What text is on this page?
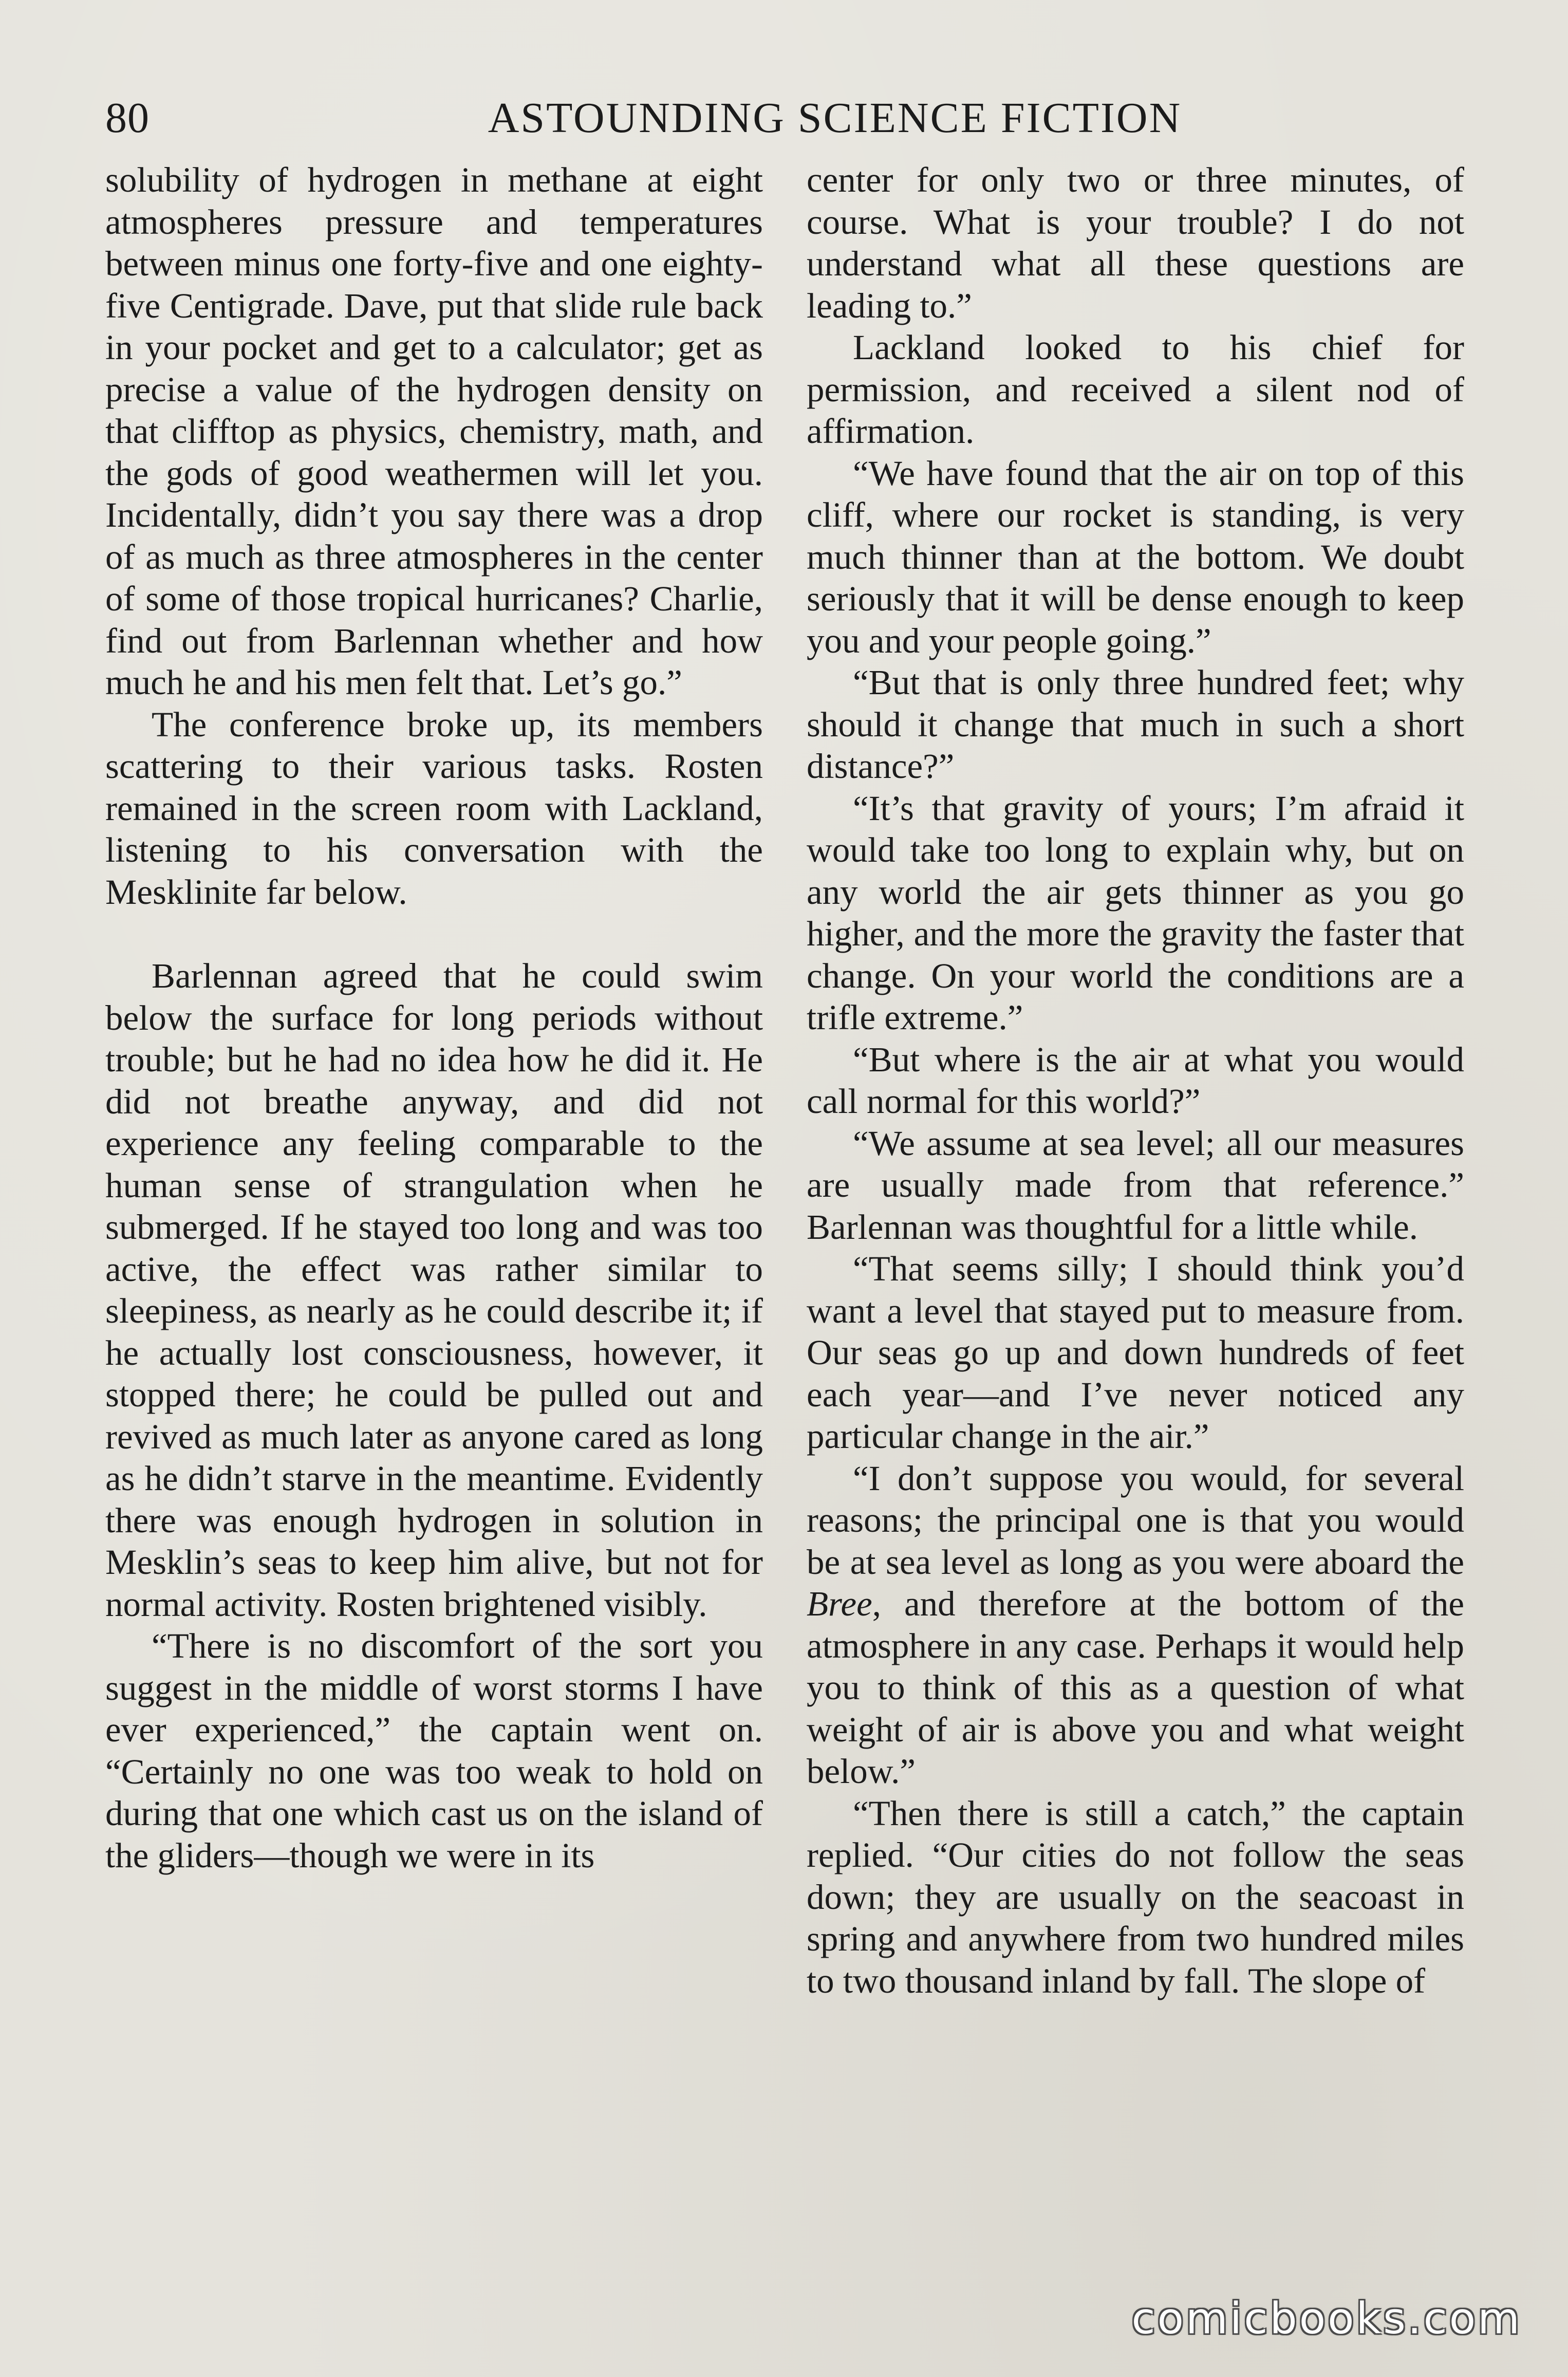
80	ASTOUNDING SCIENCE FICTION

solubility of hydrogen in methane at eight atmospheres pressure and temperatures between minus one forty-five and one eighty-five Centigrade. Dave, put that slide rule back in your pocket and get to a calculator; get as precise a value of the hydrogen density on that clifftop as physics, chemistry, math, and the gods of good weathermen will let you. Incidentally, didn’t you say there was a drop of as much as three atmospheres in the center of some of those tropical hurricanes? Charlie, find out from Barlennan whether and how much he and his men felt that. Let’s go.”

The conference broke up, its members scattering to their various tasks. Rosten remained in the screen room with Lackland, listening to his conversation with the Mesklinite far below.

Barlennan agreed that he could swim below the surface for long periods without trouble; but he had no idea how he did it. He did not breathe anyway, and did not experience any feeling comparable to the human sense of strangulation when he submerged. If he stayed too long and was too active, the effect was rather similar to sleepiness, as nearly as he could describe it; if he actually lost consciousness, however, it stopped there; he could be pulled out and revived as much later as anyone cared as long as he didn’t starve in the meantime. Evidently there was enough hydrogen in solution in Mesklin’s seas to keep him alive, but not for normal activity. Rosten brightened visibly.

“There is no discomfort of the sort you suggest in the middle of worst storms I have ever experienced,” the captain went on. “Certainly no one was too weak to hold on during that one which cast us on the island of the gliders—though we were in its

center for only two or three minutes, of course. What is your trouble? I do not understand what all these questions are leading to.”

Lackland looked to his chief for permission, and received a silent nod of affirmation.

“We have found that the air on top of this cliff, where our rocket is standing, is very much thinner than at the bottom. We doubt seriously that it will be dense enough to keep you and your people going.”

“But that is only three hundred feet; why should it change that much in such a short distance?”

“It’s that gravity of yours; I’m afraid it would take too long to explain why, but on any world the air gets thinner as you go higher, and the more the gravity the faster that change. On your world the conditions are a trifle extreme.”

“But where is the air at what you would call normal for this world?”

“We assume at sea level; all our measures are usually made from that reference.” Barlennan was thoughtful for a little while.

“That seems silly; I should think you’d want a level that stayed put to measure from. Our seas go up and down hundreds of feet each year—and I’ve never noticed any particular change in the air.”

“I don’t suppose you would, for several reasons; the principal one is that you would be at sea level as long as you were aboard the Bree, and therefore at the bottom of the atmosphere in any case. Perhaps it would help you to think of this as a question of what weight of air is above you and what weight below.”

“Then there is still a catch,” the captain replied. “Our cities do not follow the seas down; they are usually on the seacoast in spring and anywhere from two hundred miles to two thousand inland by fall. The slope of

comicbooks.com
